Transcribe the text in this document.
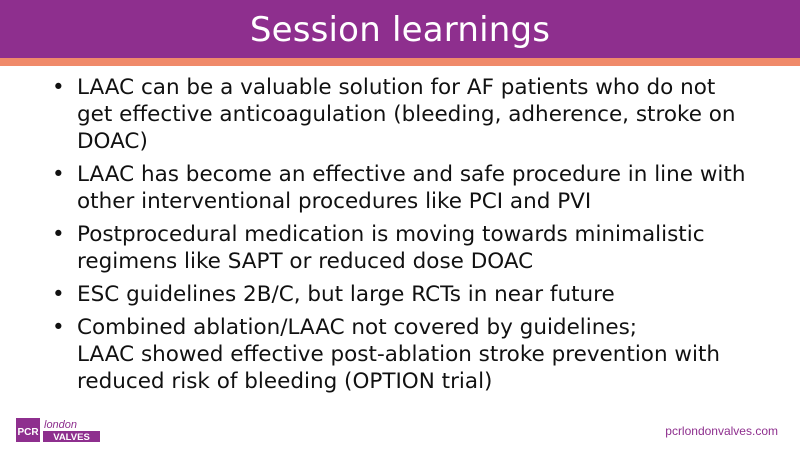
Session learnings
• LAAC can be a valuable solution for AF patients who do not
get effective anticoagulation (bleeding, adherence, stroke on
DOAC)
• LAAC has become an effective and safe procedure in line with
other interventional procedures like PCI and PVI
• Postprocedural medication is moving towards minimalistic
regimens like SAPT or reduced dose DOAC
• ESC guidelines 2B/C, but large RCTs in near future
• Combined ablation/LAAC not covered by guidelines;
LAAC showed effective post-ablation stroke prevention with
reduced risk of bleeding (OPTION trial)
PCR
london
VALVES	pcrlondonvalves.com
